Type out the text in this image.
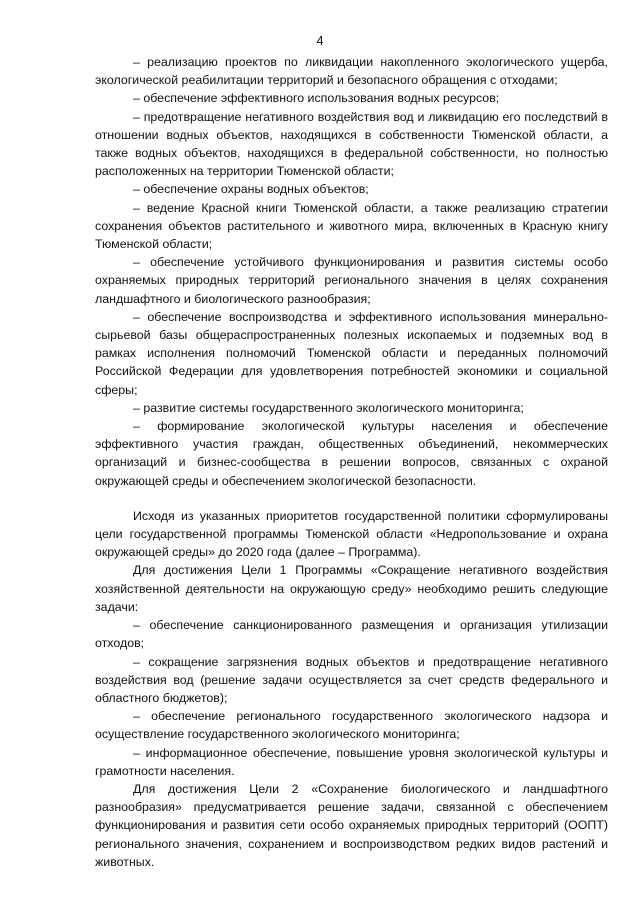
4

– реализацию проектов по ликвидации накопленного экологического ущерба, экологической реабилитации территорий и безопасного обращения с отходами;

– обеспечение эффективного использования водных ресурсов;

– предотвращение негативного воздействия вод и ликвидацию его последствий в отношении водных объектов, находящихся в собственности Тюменской области, а также водных объектов, находящихся в федеральной собственности, но полностью расположенных на территории Тюменской области;

– обеспечение охраны водных объектов;

– ведение Красной книги Тюменской области, а также реализацию стратегии сохранения объектов растительного и животного мира, включенных в Красную книгу Тюменской области;

– обеспечение устойчивого функционирования и развития системы особо охраняемых природных территорий регионального значения в целях сохранения ландшафтного и биологического разнообразия;

– обеспечение воспроизводства и эффективного использования минерально-сырьевой базы общераспространенных полезных ископаемых и подземных вод в рамках исполнения полномочий Тюменской области и переданных полномочий Российской Федерации для удовлетворения потребностей экономики и социальной сферы;

– развитие системы государственного экологического мониторинга;

– формирование экологической культуры населения и обеспечение эффективного участия граждан, общественных объединений, некоммерческих организаций и бизнес-сообщества в решении вопросов, связанных с охраной окружающей среды и обеспечением экологической безопасности.

Исходя из указанных приоритетов государственной политики сформулированы цели государственной программы Тюменской области «Недропользование и охрана окружающей среды» до 2020 года (далее – Программа).

Для достижения Цели 1 Программы «Сокращение негативного воздействия хозяйственной деятельности на окружающую среду» необходимо решить следующие задачи:

– обеспечение санкционированного размещения и организация утилизации отходов;

– сокращение загрязнения водных объектов и предотвращение негативного воздействия вод (решение задачи осуществляется за счет средств федерального и областного бюджетов);

– обеспечение регионального государственного экологического надзора и осуществление государственного экологического мониторинга;

– информационное обеспечение, повышение уровня экологической культуры и грамотности населения.

Для достижения Цели 2 «Сохранение биологического и ландшафтного разнообразия» предусматривается решение задачи, связанной с обеспечением функционирования и развития сети особо охраняемых природных территорий (ООПТ) регионального значения, сохранением и воспроизводством редких видов растений и животных.
